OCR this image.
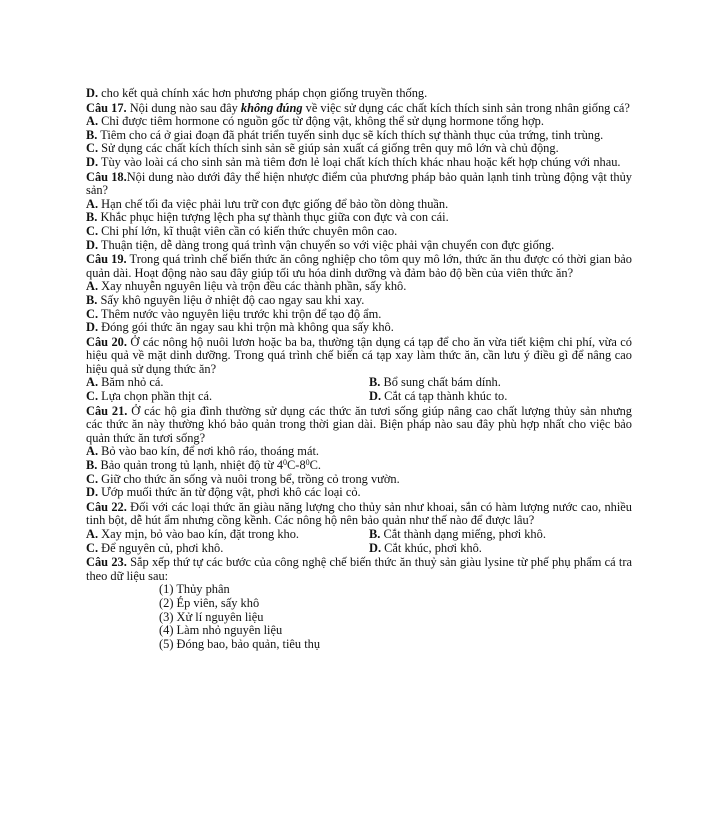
D. cho kết quả chính xác hơn phương pháp chọn giống truyền thống.
Câu 17. Nội dung nào sau đây không đúng về việc sử dụng các chất kích thích sinh sản trong nhân giống cá?
A. Chỉ được tiêm hormone có nguồn gốc từ động vật, không thể sử dụng hormone tổng hợp.
B. Tiêm cho cá ở giai đoạn đã phát triển tuyến sinh dục sẽ kích thích sự thành thục của trứng, tinh trùng.
C. Sử dụng các chất kích thích sinh sản sẽ giúp sản xuất cá giống trên quy mô lớn và chủ động.
D. Tùy vào loài cá cho sinh sản mà tiêm đơn lẻ loại chất kích thích khác nhau hoặc kết hợp chúng với nhau.
Câu 18.Nội dung nào dưới đây thể hiện nhược điểm của phương pháp bảo quản lạnh tinh trùng động vật thủy sản?
A. Hạn chế tối đa việc phải lưu trữ con đực giống để bảo tồn dòng thuần.
B. Khắc phục hiện tượng lệch pha sự thành thục giữa con đực và con cái.
C. Chi phí lớn, kĩ thuật viên cần có kiến thức chuyên môn cao.
D. Thuận tiện, dễ dàng trong quá trình vận chuyển so với việc phải vận chuyển con đực giống.
Câu 19. Trong quá trình chế biến thức ăn công nghiệp cho tôm quy mô lớn, thức ăn thu được có thời gian bảo quản dài. Hoạt động nào sau đây giúp tối ưu hóa dinh dưỡng và đảm bảo độ bền của viên thức ăn?
A. Xay nhuyễn nguyên liệu và trộn đều các thành phần, sấy khô.
B. Sấy khô nguyên liệu ở nhiệt độ cao ngay sau khi xay.
C. Thêm nước vào nguyên liệu trước khi trộn để tạo độ ẩm.
D. Đóng gói thức ăn ngay sau khi trộn mà không qua sấy khô.
Câu 20. Ở các nông hộ nuôi lươn hoặc ba ba, thường tận dụng cá tạp để cho ăn vừa tiết kiệm chi phí, vừa có hiệu quả về mặt dinh dưỡng. Trong quá trình chế biến cá tạp xay làm thức ăn, cần lưu ý điều gì để nâng cao hiệu quả sử dụng thức ăn?
A. Băm nhỏ cá.	B. Bổ sung chất bám dính.
C. Lựa chọn phần thịt cá.	D. Cắt cá tạp thành khúc to.
Câu 21. Ở các hộ gia đình thường sử dụng các thức ăn tươi sống giúp nâng cao chất lượng thủy sản nhưng các thức ăn này thường khó bảo quản trong thời gian dài. Biện pháp nào sau đây phù hợp nhất cho việc bảo quản thức ăn tươi sống?
A. Bỏ vào bao kín, để nơi khô ráo, thoáng mát.
B. Bảo quản trong tủ lạnh, nhiệt độ từ $4^0C-8^0C$.
C. Giữ cho thức ăn sống và nuôi trong bể, trồng cỏ trong vườn.
D. Ướp muối thức ăn từ động vật, phơi khô các loại cỏ.
Câu 22. Đối với các loại thức ăn giàu năng lượng cho thủy sản như khoai, sắn có hàm lượng nước cao, nhiều tinh bột, dễ hút ẩm nhưng cồng kềnh. Các nông hộ nên bảo quản như thế nào để được lâu?
A. Xay mịn, bỏ vào bao kín, đặt trong kho.	B. Cắt thành dạng miếng, phơi khô.
C. Để nguyên củ, phơi khô.	D. Cắt khúc, phơi khô.
Câu 23. Sắp xếp thứ tự các bước của công nghệ chế biến thức ăn thuỷ sản giàu lysine từ phế phụ phẩm cá tra theo dữ liệu sau:
(1) Thủy phân
(2) Ép viên, sấy khô
(3) Xử lí nguyên liệu
(4) Làm nhỏ nguyên liệu
(5) Đóng bao, bảo quản, tiêu thụ
